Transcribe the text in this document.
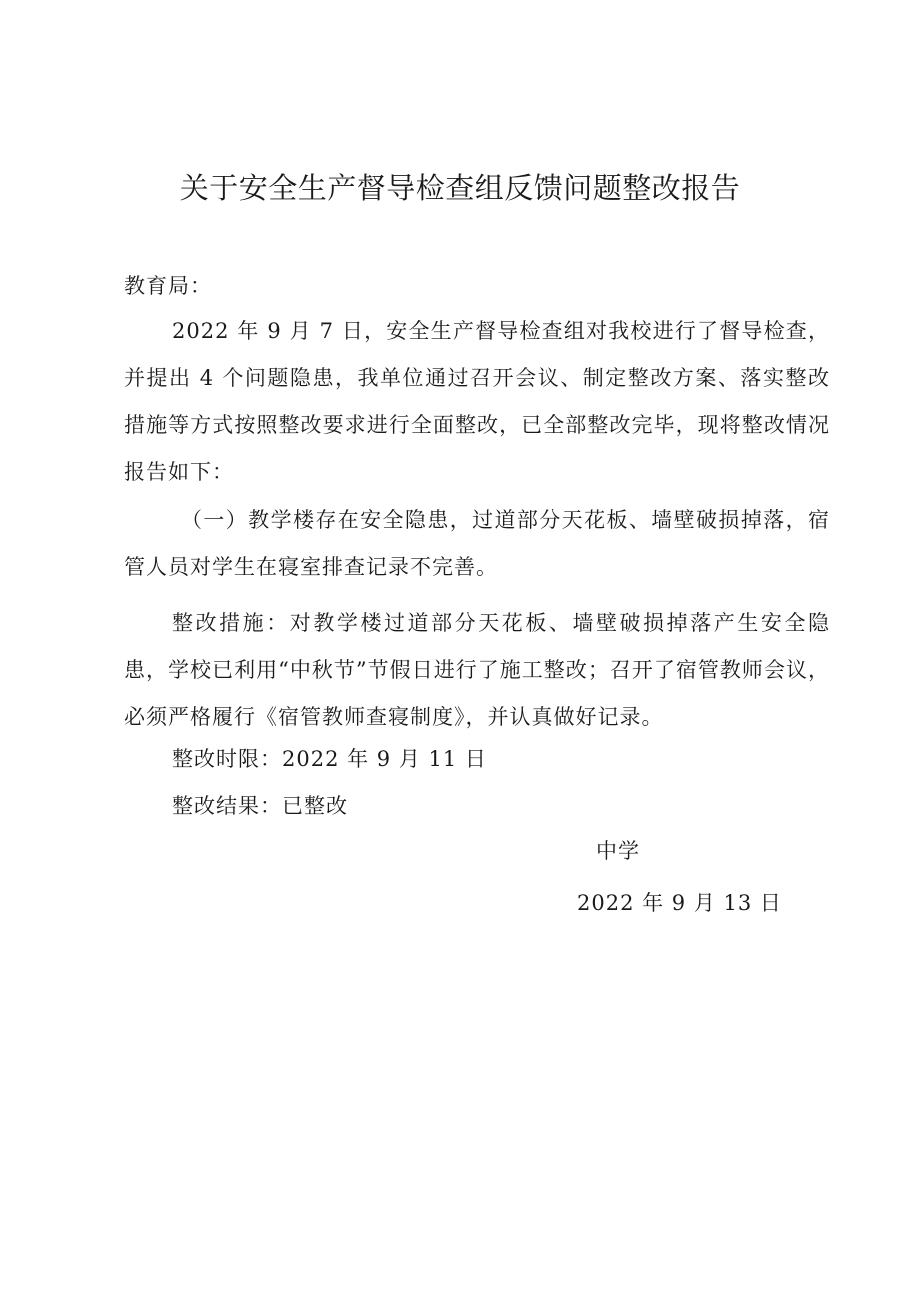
关于安全生产督导检查组反馈问题整改报告

教育局：

2022 年 9 月 7 日，安全生产督导检查组对我校进行了督导检查，并提出 4 个问题隐患，我单位通过召开会议、制定整改方案、落实整改措施等方式按照整改要求进行全面整改，已全部整改完毕，现将整改情况报告如下：

（一）教学楼存在安全隐患，过道部分天花板、墙壁破损掉落，宿管人员对学生在寝室排查记录不完善。

整改措施：对教学楼过道部分天花板、墙壁破损掉落产生安全隐患，学校已利用“中秋节”节假日进行了施工整改；召开了宿管教师会议，必须严格履行《宿管教师查寝制度》，并认真做好记录。

整改时限：2022 年 9 月 11 日

整改结果：已整改

中学

2022 年 9 月 13 日
